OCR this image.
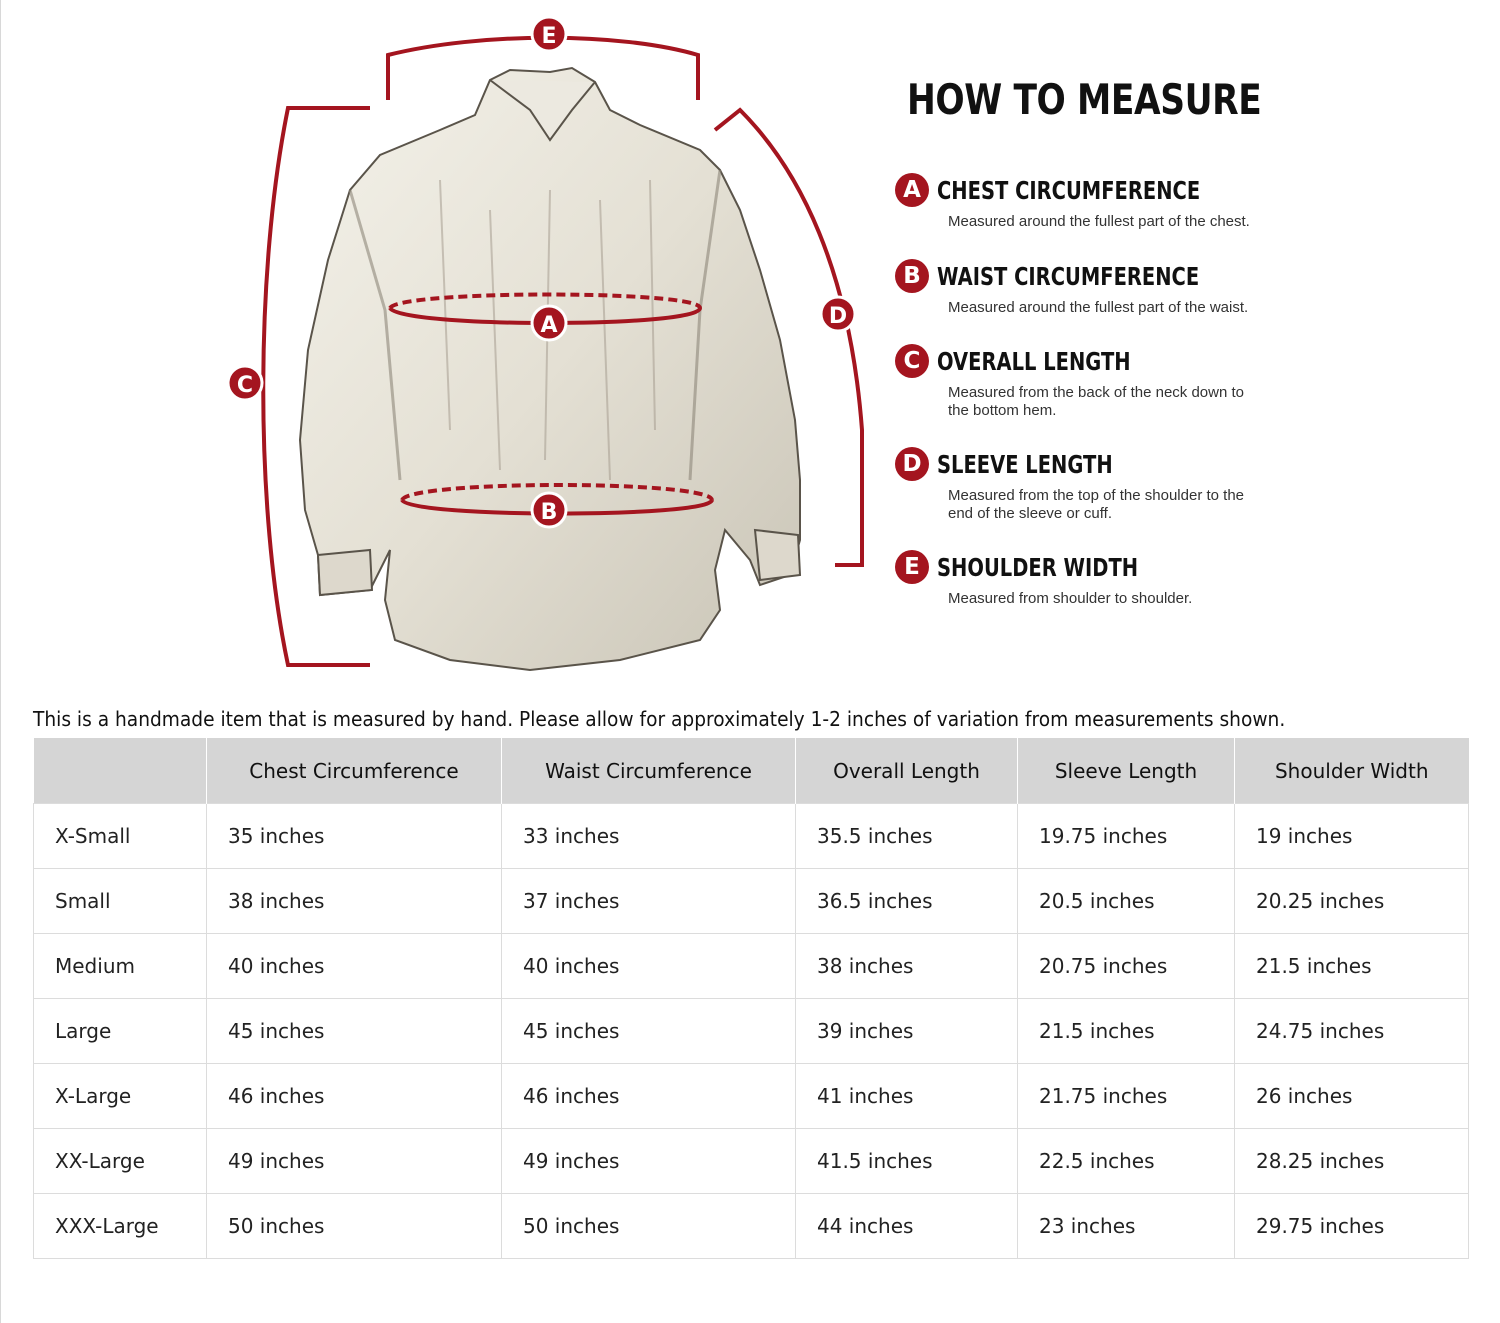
A
B
C
D
E
HOW TO MEASURE
A CHEST CIRCUMFERENCE
Measured around the fullest part of the chest.
B WAIST CIRCUMFERENCE
Measured around the fullest part of the waist.
C OVERALL LENGTH
Measured from the back of the neck down to the bottom hem.
D SLEEVE LENGTH
Measured from the top of the shoulder to the end of the sleeve or cuff.
E SHOULDER WIDTH
Measured from shoulder to shoulder.
This is a handmade item that is measured by hand. Please allow for approximately 1-2 inches of variation from measurements shown.
	Chest Circumference	Waist Circumference	Overall Length	Sleeve Length	Shoulder Width
X-Small	35 inches	33 inches	35.5 inches	19.75 inches	19 inches
Small	38 inches	37 inches	36.5 inches	20.5 inches	20.25 inches
Medium	40 inches	40 inches	38 inches	20.75 inches	21.5 inches
Large	45 inches	45 inches	39 inches	21.5 inches	24.75 inches
X-Large	46 inches	46 inches	41 inches	21.75 inches	26 inches
XX-Large	49 inches	49 inches	41.5 inches	22.5 inches	28.25 inches
XXX-Large	50 inches	50 inches	44 inches	23 inches	29.75 inches
